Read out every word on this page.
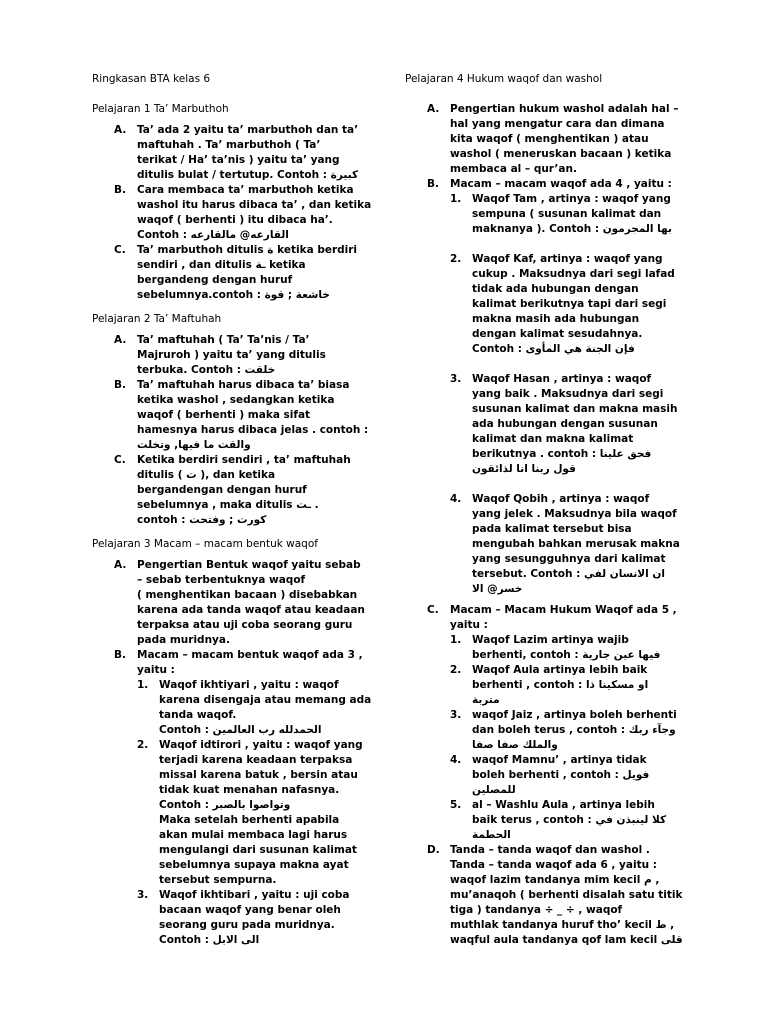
Ringkasan BTA kelas 6
Pelajaran 1 Ta’ Marbuthoh
A. Ta’ ada 2 yaitu ta’ marbuthoh dan ta’
maftuhah . Ta’ marbuthoh ( Ta’
terikat / Ha’ ta’nis ) yaitu ta’ yang
ditulis bulat / tertutup. Contoh : كبيرة
B. Cara membaca ta’ marbuthoh ketika
washol itu harus dibaca ta’ , dan ketika
waqof ( berhenti ) itu dibaca ha’.
Contoh : القارعه@ مالقارعه
C. Ta’ marbuthoh ditulis ة ketika berdiri
sendiri , dan ditulis ـة ketika
bergandeng dengan huruf
sebelumnya.contoh : خاشعة ; قوة
Pelajaran 2 Ta’ Maftuhah
A. Ta’ maftuhah ( Ta’ Ta’nis / Ta’
Majruroh ) yaitu ta’ yang ditulis
terbuka. Contoh : خلقت
B. Ta’ maftuhah harus dibaca ta’ biasa
ketika washol , sedangkan ketika
waqof ( berhenti ) maka sifat
hamesnya harus dibaca jelas . contoh :
والقت ما فيها, وتخلت
C. Ketika berdiri sendiri , ta’ maftuhah
ditulis ( ت ), dan ketika
bergandengan dengan huruf
sebelumnya , maka ditulis ـت .
contoh : كورت ; وفتحت
Pelajaran 3 Macam – macam bentuk waqof
A. Pengertian Bentuk waqof yaitu sebab
– sebab terbentuknya waqof
( menghentikan bacaan ) disebabkan
karena ada tanda waqof atau keadaan
terpaksa atau uji coba seorang guru
pada muridnya.
B. Macam – macam bentuk waqof ada 3 ,
yaitu :
1. Waqof ikhtiyari , yaitu : waqof
karena disengaja atau memang ada
tanda waqof.
Contoh : الحمدلله رب العالمين
2. Waqof idtirori , yaitu : waqof yang
terjadi karena keadaan terpaksa
missal karena batuk , bersin atau
tidak kuat menahan nafasnya.
Contoh : وتواصوا بالصبر
Maka setelah berhenti apabila
akan mulai membaca lagi harus
mengulangi dari susunan kalimat
sebelumnya supaya makna ayat
tersebut sempurna.
3. Waqof ikhtibari , yaitu : uji coba
bacaan waqof yang benar oleh
seorang guru pada muridnya.
Contoh : الى الابل
Pelajaran 4 Hukum waqof dan washol
A. Pengertian hukum washol adalah hal –
hal yang mengatur cara dan dimana
kita waqof ( menghentikan ) atau
washol ( meneruskan bacaan ) ketika
membaca al – qur’an.
B. Macam – macam waqof ada 4 , yaitu :
1. Waqof Tam , artinya : waqof yang
sempuna ( susunan kalimat dan
maknanya ). Contoh : بها المجرمون
2. Waqof Kaf, artinya : waqof yang
cukup . Maksudnya dari segi lafad
tidak ada hubungan dengan
kalimat berikutnya tapi dari segi
makna masih ada hubungan
dengan kalimat sesudahnya.
Contoh : فإن الجنة هي المأوى
3. Waqof Hasan , artinya : waqof
yang baik . Maksudnya dari segi
susunan kalimat dan makna masih
ada hubungan dengan susunan
kalimat dan makna kalimat
berikutnya . contoh : فحق علينا
قول ربنا انا لذائقون
4. Waqof Qobih , artinya : waqof
yang jelek . Maksudnya bila waqof
pada kalimat tersebut bisa
mengubah bahkan merusak makna
yang sesungguhnya dari kalimat
tersebut. Contoh : ان الانسان لفي
خسر@ الا
C. Macam – Macam Hukum Waqof ada 5 ,
yaitu :
1. Waqof Lazim artinya wajib
berhenti, contoh : فيها عين جارية
2. Waqof Aula artinya lebih baik
berhenti , contoh : او مسكينا ذا
متربة
3. waqof Jaiz , artinya boleh berhenti
dan boleh terus , contoh : وجآء ربك
والملك صفا صفا
4. waqof Mamnu’ , artinya tidak
boleh berhenti , contoh : فويل
للمصلين
5. al – Washlu Aula , artinya lebih
baik terus , contoh : كلا لينبذن في
الحطمة
D. Tanda – tanda waqof dan washol .
Tanda – tanda waqof ada 6 , yaitu :
waqof lazim tandanya mim kecil م ,
mu’anaqoh ( berhenti disalah satu titik
tiga ) tandanya ÷ _ ÷ , waqof
muthlak tandanya huruf tho’ kecil ط ,
waqful aula tandanya qof lam kecil قلى
